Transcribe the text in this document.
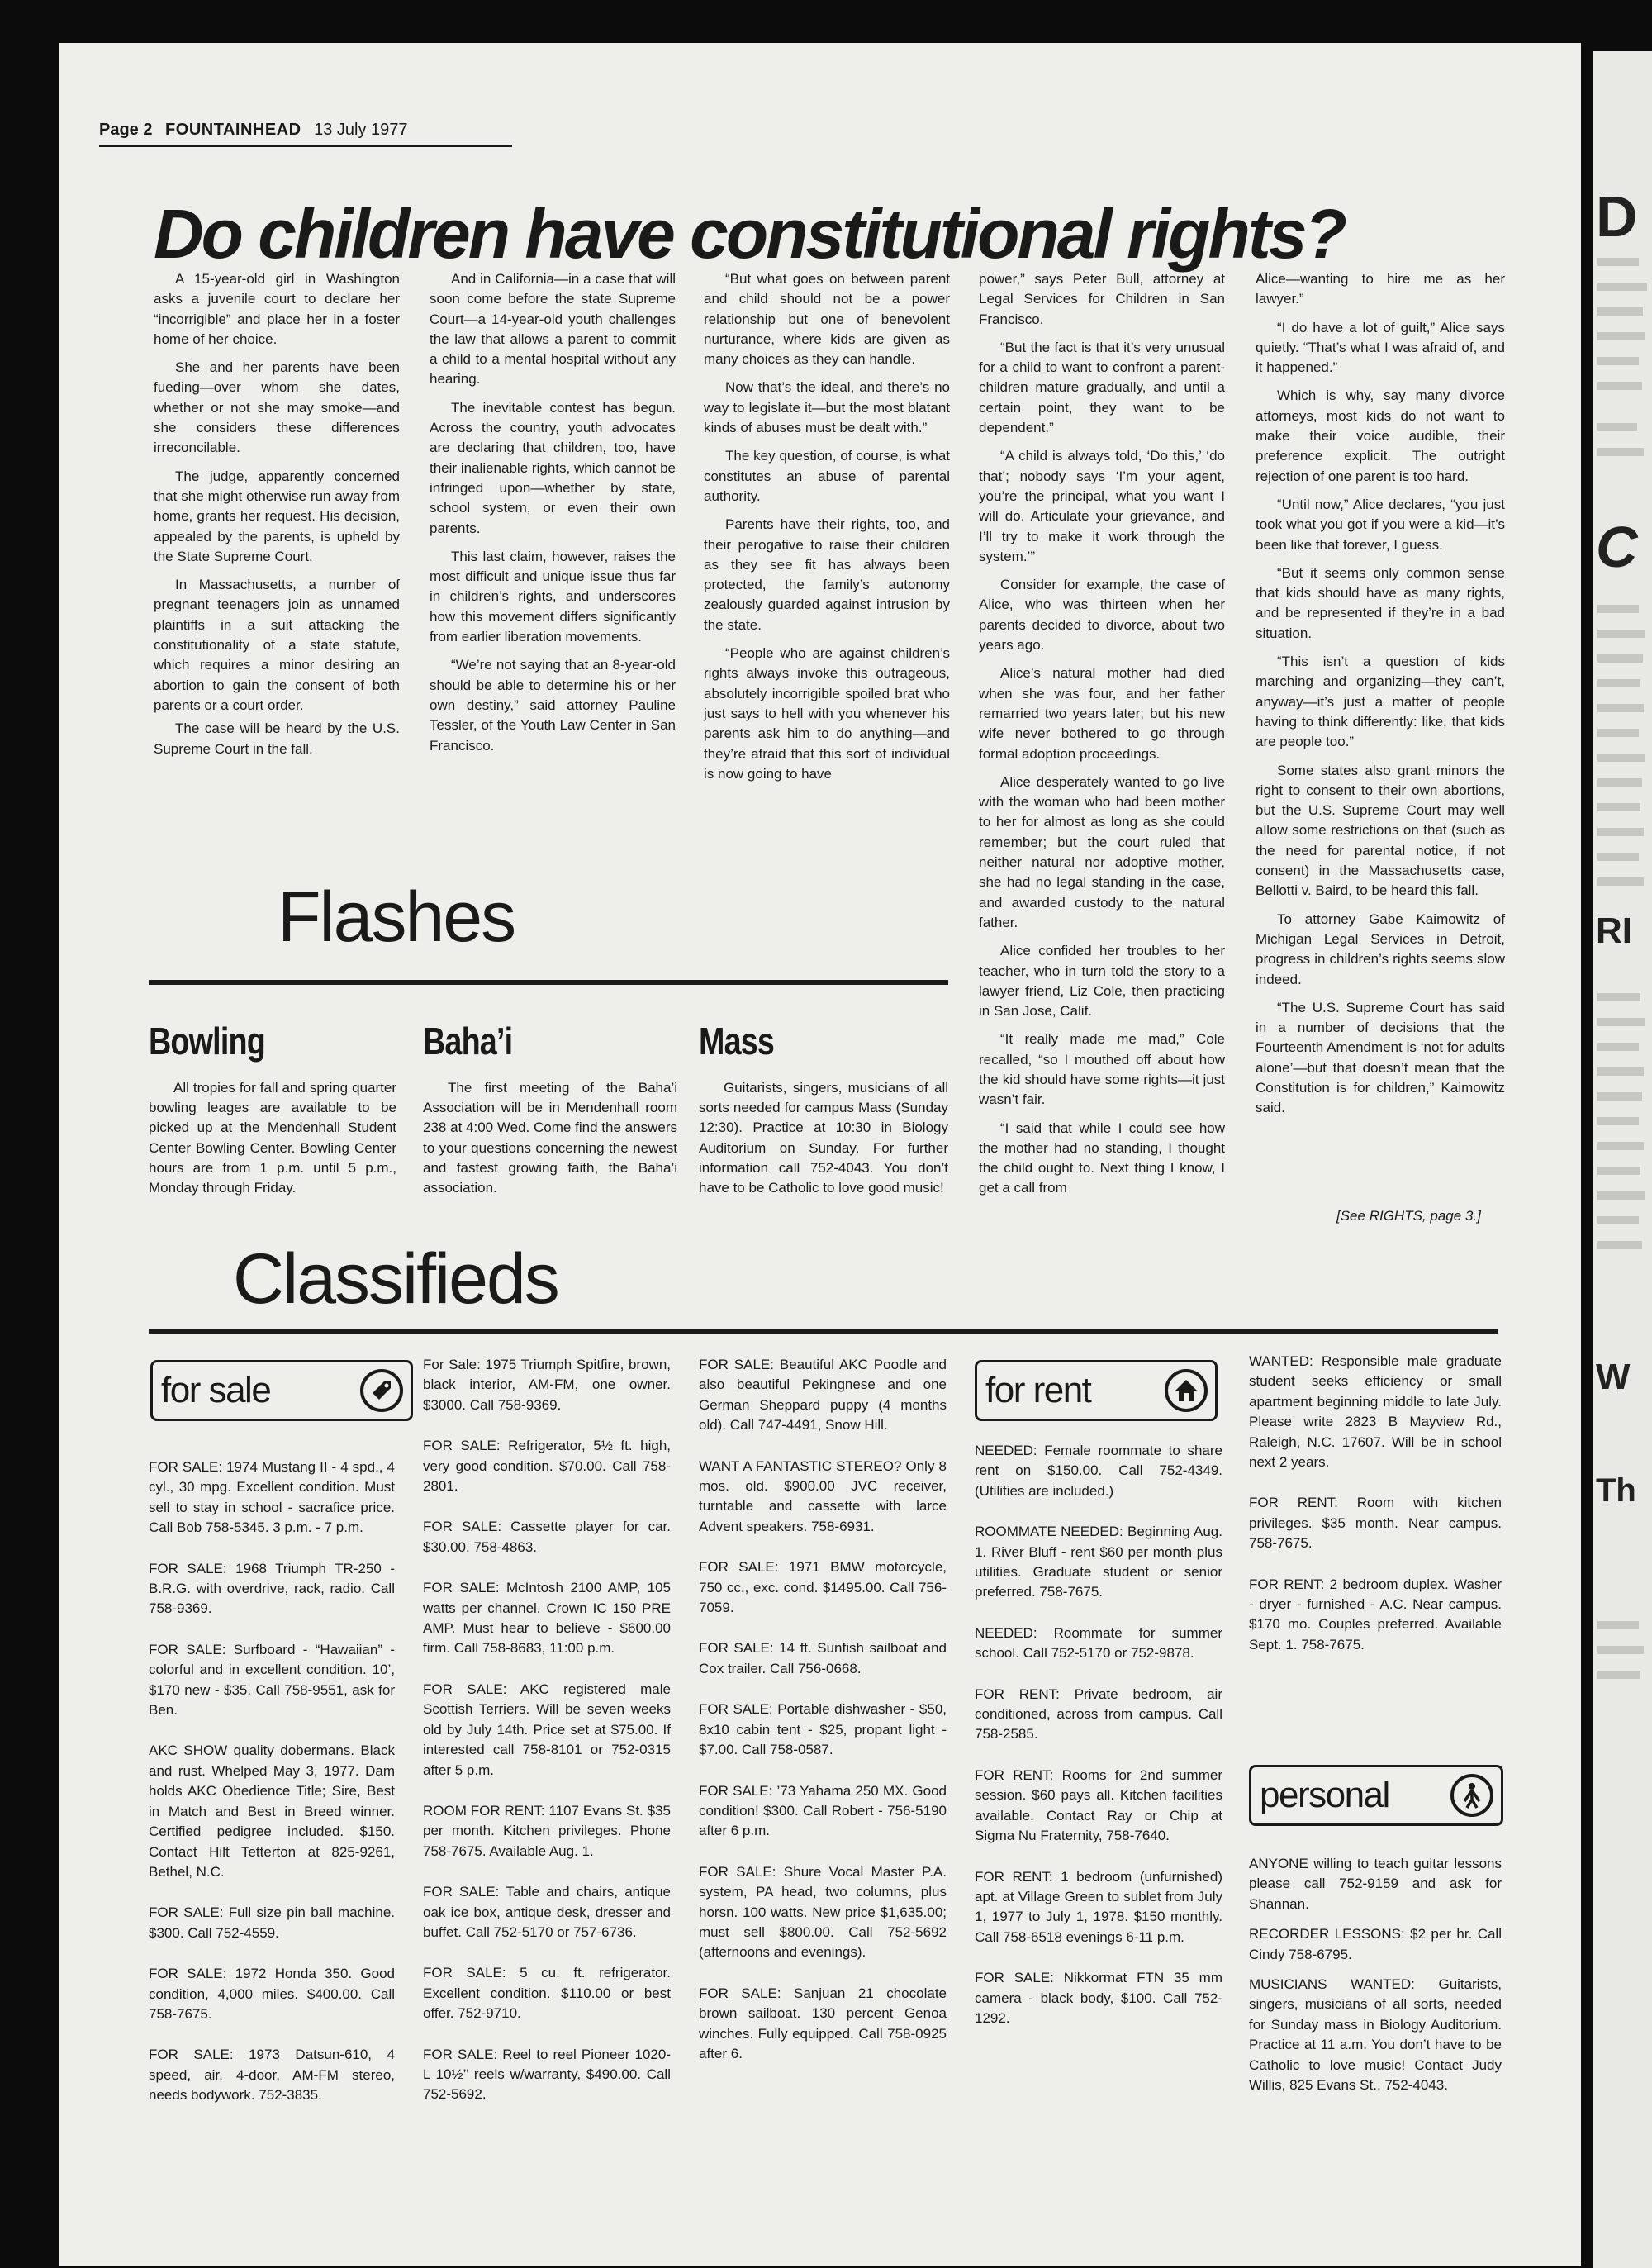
D
C
RI
W
Th
Page 2 FOUNTAINHEAD 13 July 1977
Do children have constitutional rights?

A 15-year-old girl in Washington asks a juvenile court to declare her “incorrigible” and place her in a foster home of her choice.

She and her parents have been fueding—over whom she dates, whether or not she may smoke—and she considers these differences irreconcilable.

The judge, apparently concerned that she might otherwise run away from home, grants her request. His decision, appealed by the parents, is upheld by the State Supreme Court.

In Massachusetts, a number of pregnant teenagers join as unnamed plaintiffs in a suit attacking the constitutionality of a state statute, which requires a minor desiring an abortion to gain the consent of both parents or a court order.

The case will be heard by the U.S. Supreme Court in the fall.

And in California—in a case that will soon come before the state Supreme Court—a 14-year-old youth challenges the law that allows a parent to commit a child to a mental hospital without any hearing.

The inevitable contest has begun. Across the country, youth advocates are declaring that children, too, have their inalienable rights, which cannot be infringed upon—whether by state, school system, or even their own parents.

This last claim, however, raises the most difficult and unique issue thus far in children’s rights, and underscores how this movement differs significantly from earlier liberation movements.

“We’re not saying that an 8-year-old should be able to determine his or her own destiny,” said attorney Pauline Tessler, of the Youth Law Center in San Francisco.

“But what goes on between parent and child should not be a power relationship but one of benevolent nurturance, where kids are given as many choices as they can handle.

Now that’s the ideal, and there’s no way to legislate it—but the most blatant kinds of abuses must be dealt with.”

The key question, of course, is what constitutes an abuse of parental authority.

Parents have their rights, too, and their perogative to raise their children as they see fit has always been protected, the family’s autonomy zealously guarded against intrusion by the state.

“People who are against children’s rights always invoke this outrageous, absolutely incorrigible spoiled brat who just says to hell with you whenever his parents ask him to do anything—and they’re afraid that this sort of individual is now going to have

power,” says Peter Bull, attorney at Legal Services for Children in San Francisco.

“But the fact is that it’s very unusual for a child to want to confront a parent-children mature gradually, and until a certain point, they want to be dependent.”

“A child is always told, ‘Do this,’ ‘do that’; nobody says ‘I’m your agent, you’re the principal, what you want I will do. Articulate your grievance, and I’ll try to make it work through the system.’”

Consider for example, the case of Alice, who was thirteen when her parents decided to divorce, about two years ago.

Alice’s natural mother had died when she was four, and her father remarried two years later; but his new wife never bothered to go through formal adoption proceedings.

Alice desperately wanted to go live with the woman who had been mother to her for almost as long as she could remember; but the court ruled that neither natural nor adoptive mother, she had no legal standing in the case, and awarded custody to the natural father.

Alice confided her troubles to her teacher, who in turn told the story to a lawyer friend, Liz Cole, then practicing in San Jose, Calif.

“It really made me mad,” Cole recalled, “so I mouthed off about how the kid should have some rights—it just wasn’t fair.

“I said that while I could see how the mother had no standing, I thought the child ought to. Next thing I know, I get a call from

Alice—wanting to hire me as her lawyer.”

“I do have a lot of guilt,” Alice says quietly. “That’s what I was afraid of, and it happened.”

Which is why, say many divorce attorneys, most kids do not want to make their voice audible, their preference explicit. The outright rejection of one parent is too hard.

“Until now,” Alice declares, “you just took what you got if you were a kid—it’s been like that forever, I guess.

“But it seems only common sense that kids should have as many rights, and be represented if they’re in a bad situation.

“This isn’t a question of kids marching and organizing—they can’t, anyway—it’s just a matter of people having to think differently: like, that kids are people too.”

Some states also grant minors the right to consent to their own abortions, but the U.S. Supreme Court may well allow some restrictions on that (such as the need for parental notice, if not consent) in the Massachusetts case, Bellotti v. Baird, to be heard this fall.

To attorney Gabe Kaimowitz of Michigan Legal Services in Detroit, progress in children’s rights seems slow indeed.

“The U.S. Supreme Court has said in a number of decisions that the Fourteenth Amendment is ‘not for adults alone’—but that doesn’t mean that the Constitution is for children,” Kaimowitz said.

[See RIGHTS, page 3.]
Flashes
Bowling

All tropies for fall and spring quarter bowling leages are available to be picked up at the Mendenhall Student Center Bowling Center. Bowling Center hours are from 1 p.m. until 5 p.m., Monday through Friday.

Baha’i

The first meeting of the Baha’i Association will be in Mendenhall room 238 at 4:00 Wed. Come find the answers to your questions concerning the newest and fastest growing faith, the Baha’i association.

Mass

Guitarists, singers, musicians of all sorts needed for campus Mass (Sunday 12:30). Practice at 10:30 in Biology Auditorium on Sunday. For further information call 752-4043. You don’t have to be Catholic to love good music!

Classifieds
for sale	for rent
personal

FOR SALE: 1974 Mustang II - 4 spd., 4 cyl., 30 mpg. Excellent condition. Must sell to stay in school - sacrafice price. Call Bob 758-5345. 3 p.m. - 7 p.m.

FOR SALE: 1968 Triumph TR-250 -B.R.G. with overdrive, rack, radio. Call 758-9369.

FOR SALE: Surfboard - “Hawaiian” - colorful and in excellent condition. 10’, $170 new - $35. Call 758-9551, ask for Ben.

AKC SHOW quality dobermans. Black and rust. Whelped May 3, 1977. Dam holds AKC Obedience Title; Sire, Best in Match and Best in Breed winner. Certified pedigree included. $150. Contact Hilt Tetterton at 825-9261, Bethel, N.C.

FOR SALE: Full size pin ball machine. $300. Call 752-4559.

FOR SALE: 1972 Honda 350. Good condition, 4,000 miles. $400.00. Call 758-7675.

FOR SALE: 1973 Datsun-610, 4 speed, air, 4-door, AM-FM stereo, needs bodywork. 752-3835.

For Sale: 1975 Triumph Spitfire, brown, black interior, AM-FM, one owner. $3000. Call 758-9369.

FOR SALE: Refrigerator, 5½ ft. high, very good condition. $70.00. Call 758-2801.

FOR SALE: Cassette player for car. $30.00. 758-4863.

FOR SALE: McIntosh 2100 AMP, 105 watts per channel. Crown IC 150 PRE AMP. Must hear to believe - $600.00 firm. Call 758-8683, 11:00 p.m.

FOR SALE: AKC registered male Scottish Terriers. Will be seven weeks old by July 14th. Price set at $75.00. If interested call 758-8101 or 752-0315 after 5 p.m.

ROOM FOR RENT: 1107 Evans St. $35 per month. Kitchen privileges. Phone 758-7675. Available Aug. 1.

FOR SALE: Table and chairs, antique oak ice box, antique desk, dresser and buffet. Call 752-5170 or 757-6736.

FOR SALE: 5 cu. ft. refrigerator. Excellent condition. $110.00 or best offer. 752-9710.

FOR SALE: Reel to reel Pioneer 1020-L 10½’’ reels w/warranty, $490.00. Call 752-5692.

FOR SALE: Beautiful AKC Poodle and also beautiful Pekingnese and one German Sheppard puppy (4 months old). Call 747-4491, Snow Hill.

WANT A FANTASTIC STEREO? Only 8 mos. old. $900.00 JVC receiver, turntable and cassette with larce Advent speakers. 758-6931.

FOR SALE: 1971 BMW motorcycle, 750 cc., exc. cond. $1495.00. Call 756-7059.

FOR SALE: 14 ft. Sunfish sailboat and Cox trailer. Call 756-0668.

FOR SALE: Portable dishwasher - $50, 8x10 cabin tent - $25, propant light - $7.00. Call 758-0587.

FOR SALE: ’73 Yahama 250 MX. Good condition! $300. Call Robert - 756-5190 after 6 p.m.

FOR SALE: Shure Vocal Master P.A. system, PA head, two columns, plus horsn. 100 watts. New price $1,635.00; must sell $800.00. Call 752-5692 (afternoons and evenings).

FOR SALE: Sanjuan 21 chocolate brown sailboat. 130 percent Genoa winches. Fully equipped. Call 758-0925 after 6.

NEEDED: Female roommate to share rent on $150.00. Call 752-4349. (Utilities are included.)

ROOMMATE NEEDED: Beginning Aug. 1. River Bluff - rent $60 per month plus utilities. Graduate student or senior preferred. 758-7675.

NEEDED: Roommate for summer school. Call 752-5170 or 752-9878.

FOR RENT: Private bedroom, air conditioned, across from campus. Call 758-2585.

FOR RENT: Rooms for 2nd summer session. $60 pays all. Kitchen facilities available. Contact Ray or Chip at Sigma Nu Fraternity, 758-7640.

FOR RENT: 1 bedroom (unfurnished) apt. at Village Green to sublet from July 1, 1977 to July 1, 1978. $150 monthly. Call 758-6518 evenings 6-11 p.m.

FOR SALE: Nikkormat FTN 35 mm camera - black body, $100. Call 752-1292.

WANTED: Responsible male graduate student seeks efficiency or small apartment beginning middle to late July. Please write 2823 B Mayview Rd., Raleigh, N.C. 17607. Will be in school next 2 years.

FOR RENT: Room with kitchen privileges. $35 month. Near campus. 758-7675.

FOR RENT: 2 bedroom duplex. Washer - dryer - furnished - A.C. Near campus. $170 mo. Couples preferred. Available Sept. 1. 758-7675.

ANYONE willing to teach guitar lessons please call 752-9159 and ask for Shannan.

RECORDER LESSONS: $2 per hr. Call Cindy 758-6795.

MUSICIANS WANTED: Guitarists, singers, musicians of all sorts, needed for Sunday mass in Biology Auditorium. Practice at 11 a.m. You don’t have to be Catholic to love music! Contact Judy Willis, 825 Evans St., 752-4043.
